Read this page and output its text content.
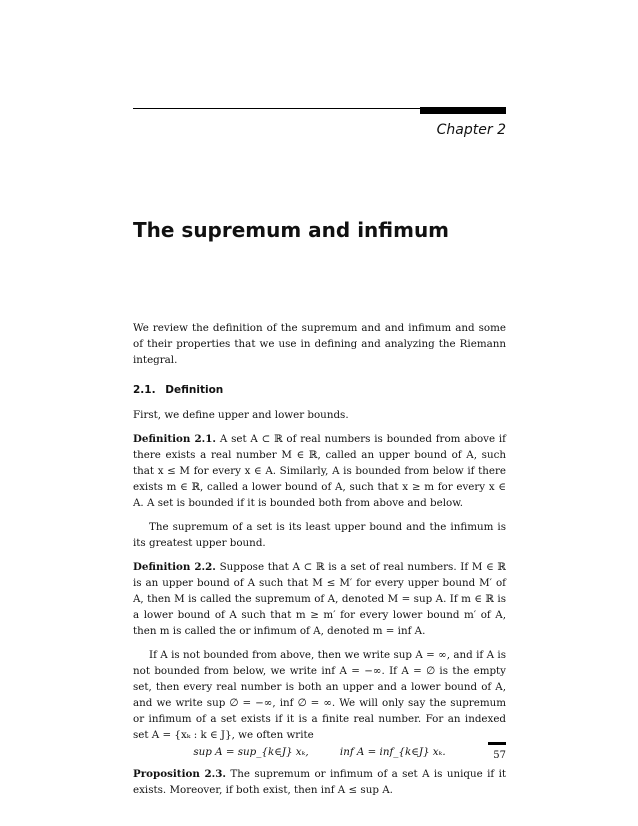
Chapter 2
The supremum and infimum

We review the definition of the supremum and and infimum and some of their properties that we use in defining and analyzing the Riemann integral.

2.1. Definition

First, we define upper and lower bounds.

Definition 2.1. A set A ⊂ ℝ of real numbers is bounded from above if there exists a real number M ∈ ℝ, called an upper bound of A, such that x ≤ M for every x ∈ A. Similarly, A is bounded from below if there exists m ∈ ℝ, called a lower bound of A, such that x ≥ m for every x ∈ A. A set is bounded if it is bounded both from above and below.

The supremum of a set is its least upper bound and the infimum is its greatest upper bound.

Definition 2.2. Suppose that A ⊂ ℝ is a set of real numbers. If M ∈ ℝ is an upper bound of A such that M ≤ M′ for every upper bound M′ of A, then M is called the supremum of A, denoted M = sup A. If m ∈ ℝ is a lower bound of A such that m ≥ m′ for every lower bound m′ of A, then m is called the or infimum of A, denoted m = inf A.

If A is not bounded from above, then we write sup A = ∞, and if A is not bounded from below, we write inf A = −∞. If A = ∅ is the empty set, then every real number is both an upper and a lower bound of A, and we write sup ∅ = −∞, inf ∅ = ∞. We will only say the supremum or infimum of a set exists if it is a finite real number. For an indexed set A = {xₖ : k ∈ J}, we often write

sup A = sup_{k∈J} xₖ,	inf A = inf_{k∈J} xₖ.

Proposition 2.3. The supremum or infimum of a set A is unique if it exists. Moreover, if both exist, then inf A ≤ sup A.

57
